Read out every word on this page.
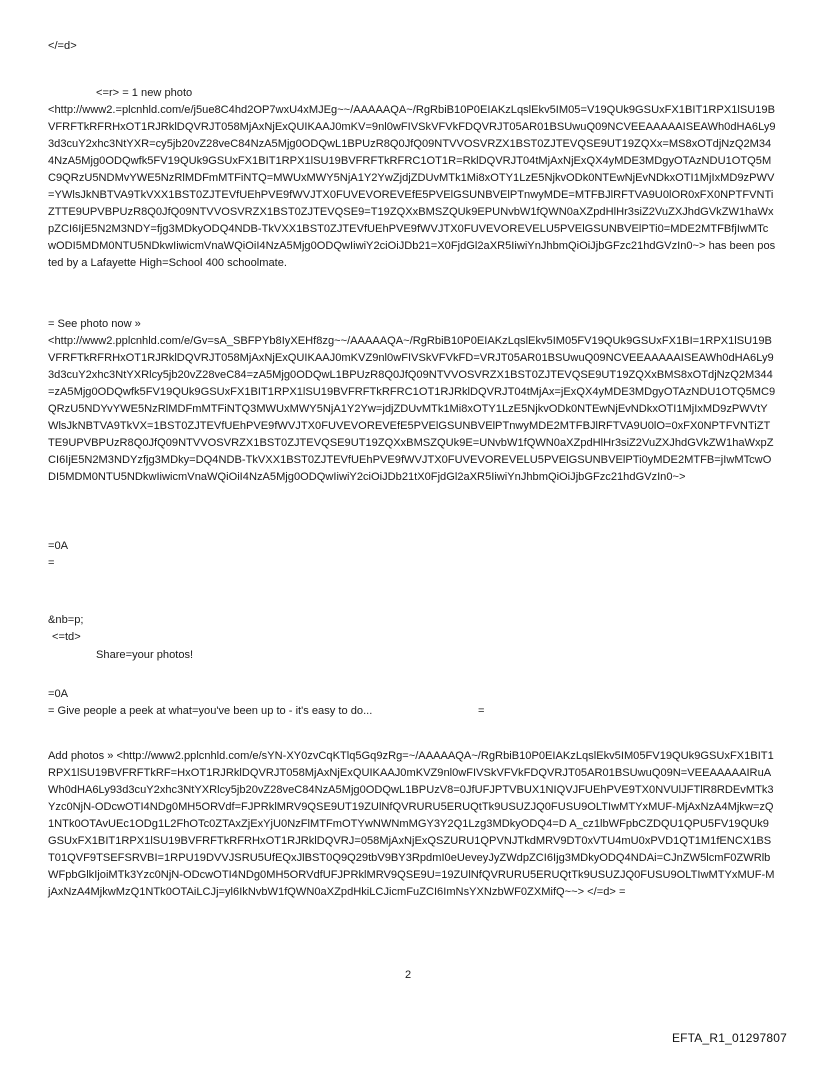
</=d>
<=r> = 1 new photo
<http://www2.=plcnhld.com/e/j5ue8C4hd2OP7wxU4xMJEg~~/AAAAAQA~/RgRbiB10P0EIAKzLqslEkv5IM05=V19QUk9GSUxFX1BIT1RPX1lSU19BVFRFTkRFRHxOT1RJRklDQVRJT058MjAxNjExQUIKAAJ0mKV=9nl0wFIVSkVFVkFDQVRJT05AR01BSUwuQ09NCVEEAAAAAISEAWh0dHA6Ly93d3cuY2xhc3NtYXR=cy5jb20vZ28veC84NzA5Mjg0ODQwL1BPUzR8Q0JfQ09NTVVOSVRZX1BST0ZJTEVQSE9UT19ZQXx=MS8xOTdjNzQ2M344NzA5Mjg0ODQwfk5FV19QUk9GSUxFX1BIT1RPX1lSU19BVFRFTkRFRC1OT1R=RklDQVRJT04tMjAxNjExQX4yMDE3MDgyOTAzNDU1OTQ5MC9QRzU5NDMvYWE5NzRlMDFmMTFiNTQ=MWUxMWY5NjA1Y2YwZjdjZDUvMTk1Mi8xOTY1LzE5NjkvODk0NTEwNjEvNDkxOTI1MjIxMD9zPWV=YWlsJkNBTVA9TkVXX1BST0ZJTEVfUEhPVE9fWVJTX0FUVEVOREVEfE5PVElGSUNBVElPTnwyMDE=MTFBJlRFTVA9U0lOR0xFX0NPTFVNTiZTTE9UPVBPUzR8Q0JfQ09NTVVOSVRZX1BST0ZJTEVQSE9=T19ZQXxBMSZQUk9EPUNvbW1fQWN0aXZpdHlHr3siZ2VuZXJhdGVkZW1haWxpZCI6IjE5N2M3NDY=fjg3MDkyODQ4NDB-TkVXX1BST0ZJTEVfUEhPVE9fWVJTX0FUVEVOREVELU5PVElGSUNBVElPTi0=MDE2MTFBfjIwMTcwODI5MDM0NTU5NDkwIiwicmVnaWQiOiI4NzA5Mjg0ODQwIiwiY2ciOiJDb21=X0FjdGl2aXR5IiwiYnJhbmQiOiJjbGFzc21hdGVzIn0~> has been posted by a Lafayette High=School 400 schoolmate.
= See photo now »
<http://www2.pplcnhld.com/e/Gv=sA_SBFPYb8IyXEHf8zg~~/AAAAAQA~/RgRbiB10P0EIAKzLqslEkv5IM05FV19QUk9GSUxFX1BI=1RPX1lSU19BVFRFTkRFRHxOT1RJRklDQVRJT058MjAxNjExQUIKAAJ0mKVZ9nl0wFIVSkVFVkFD=VRJT05AR01BSUwuQ09NCVEEAAAAAISEAWh0dHA6Ly93d3cuY2xhc3NtYXRlcy5jb20vZ28veC84=zA5Mjg0ODQwL1BPUzR8Q0JfQ09NTVVOSVRZX1BST0ZJTEVQSE9UT19ZQXxBMS8xOTdjNzQ2M344=zA5Mjg0ODQwfk5FV19QUk9GSUxFX1BIT1RPX1lSU19BVFRFTkRFRC1OT1RJRklDQVRJT04tMjAx=jExQX4yMDE3MDgyOTAzNDU1OTQ5MC9QRzU5NDYvYWE5NzRlMDFmMTFiNTQ3MWUxMWY5NjA1Y2Yw=jdjZDUvMTk1Mi8xOTY1LzE5NjkvODk0NTEwNjEvNDkxOTI1MjIxMD9zPWVtYWlsJkNBTVA9TkVX=1BST0ZJTEVfUEhPVE9fWVJTX0FUVEVOREVEfE5PVElGSUNBVElPTnwyMDE2MTFBJlRFTVA9U0lO=0xFX0NPTFVNTiZTTE9UPVBPUzR8Q0JfQ09NTVVOSVRZX1BST0ZJTEVQSE9UT19ZQXxBMSZQUk9E=UNvbW1fQWN0aXZpdHlHr3siZ2VuZXJhdGVkZW1haWxpZCI6IjE5N2M3NDYzfjg3MDky=DQ4NDB-TkVXX1BST0ZJTEVfUEhPVE9fWVJTX0FUVEVOREVELU5PVElGSUNBVElPTi0yMDE2MTFB=jIwMTcwODI5MDM0NTU5NDkwIiwicmVnaWQiOiI4NzA5Mjg0ODQwIiwiY2ciOiJDb21tX0FjdGl2aXR5IiwiYnJhbmQiOiJjbGFzc21hdGVzIn0~>
=0A
=
&nb=p;
<=td>
Share=your photos!
=0A
= Give people a peek at what=you've been up to - it's easy to do...	=
Add photos » <http://www2.pplcnhld.com/e/sYN-XY0zvCqKTlq5Gq9zRg=~/AAAAAQA~/RgRbiB10P0EIAKzLqslEkv5IM05FV19QUk9GSUxFX1BIT1RPX1lSU19BVFRFTkRF=HxOT1RJRklDQVRJT058MjAxNjExQUIKAAJ0mKVZ9nl0wFIVSkVFVkFDQVRJT05AR01BSUwuQ09N=VEEAAAAAIRuAWh0dHA6Ly93d3cuY2xhc3NtYXRlcy5jb20vZ28veC84NzA5Mjg0ODQwL1BPUzV8=0JfUFJPTVBUX1NIQVJFUEhPVE9TX0NVUlJFTlR8RDEvMTk3Yzc0NjN-ODcwOTI4NDg0MH5ORVdf=FJPRklMRV9QSE9UT19ZUlNfQVRURU5ERUQtTk9USUZJQ0FUSU9OLTIwMTYxMUF-MjAxNzA4Mjkw=zQ1NTk0OTAvUEc1ODg1L2FhOTc0ZTAxZjExYjU0NzFlMTFmOTYwNWNmMGY3Y2Q1Lzg3MDkyODQ4=D A_cz1lbWFpbCZDQU1QPU5FV19QUk9GSUxFX1BIT1RPX1lSU19BVFRFTkRFRHxOT1RJRklDQVRJ=058MjAxNjExQSZURU1QPVNJTkdMRV9DT0xVTU4mU0xPVD1QT1M1fENCX1BST01QVF9TSEFSRVBI=1RPU19DVVJSRU5UfEQxJlBST0Q9Q29tbV9BY3RpdmI0eUeveyJyZWdpZCI6Ijg3MDkyODQ4NDAi=CJnZW5lcmF0ZWRlbWFpbGlkIjoiMTk3Yzc0NjN-ODcwOTI4NDg0MH5ORVdfUFJPRklMRV9QSE9U=19ZUlNfQVRURU5ERUQtTk9USUZJQ0FUSU9OLTIwMTYxMUF-MjAxNzA4MjkwMzQ1NTk0OTAiLCJj=yl6IkNvbW1fQWN0aXZpdHkiLCJicmFuZCI6ImNsYXNzbWF0ZXMifQ~~> </=d> =
2
EFTA_R1_01297807
